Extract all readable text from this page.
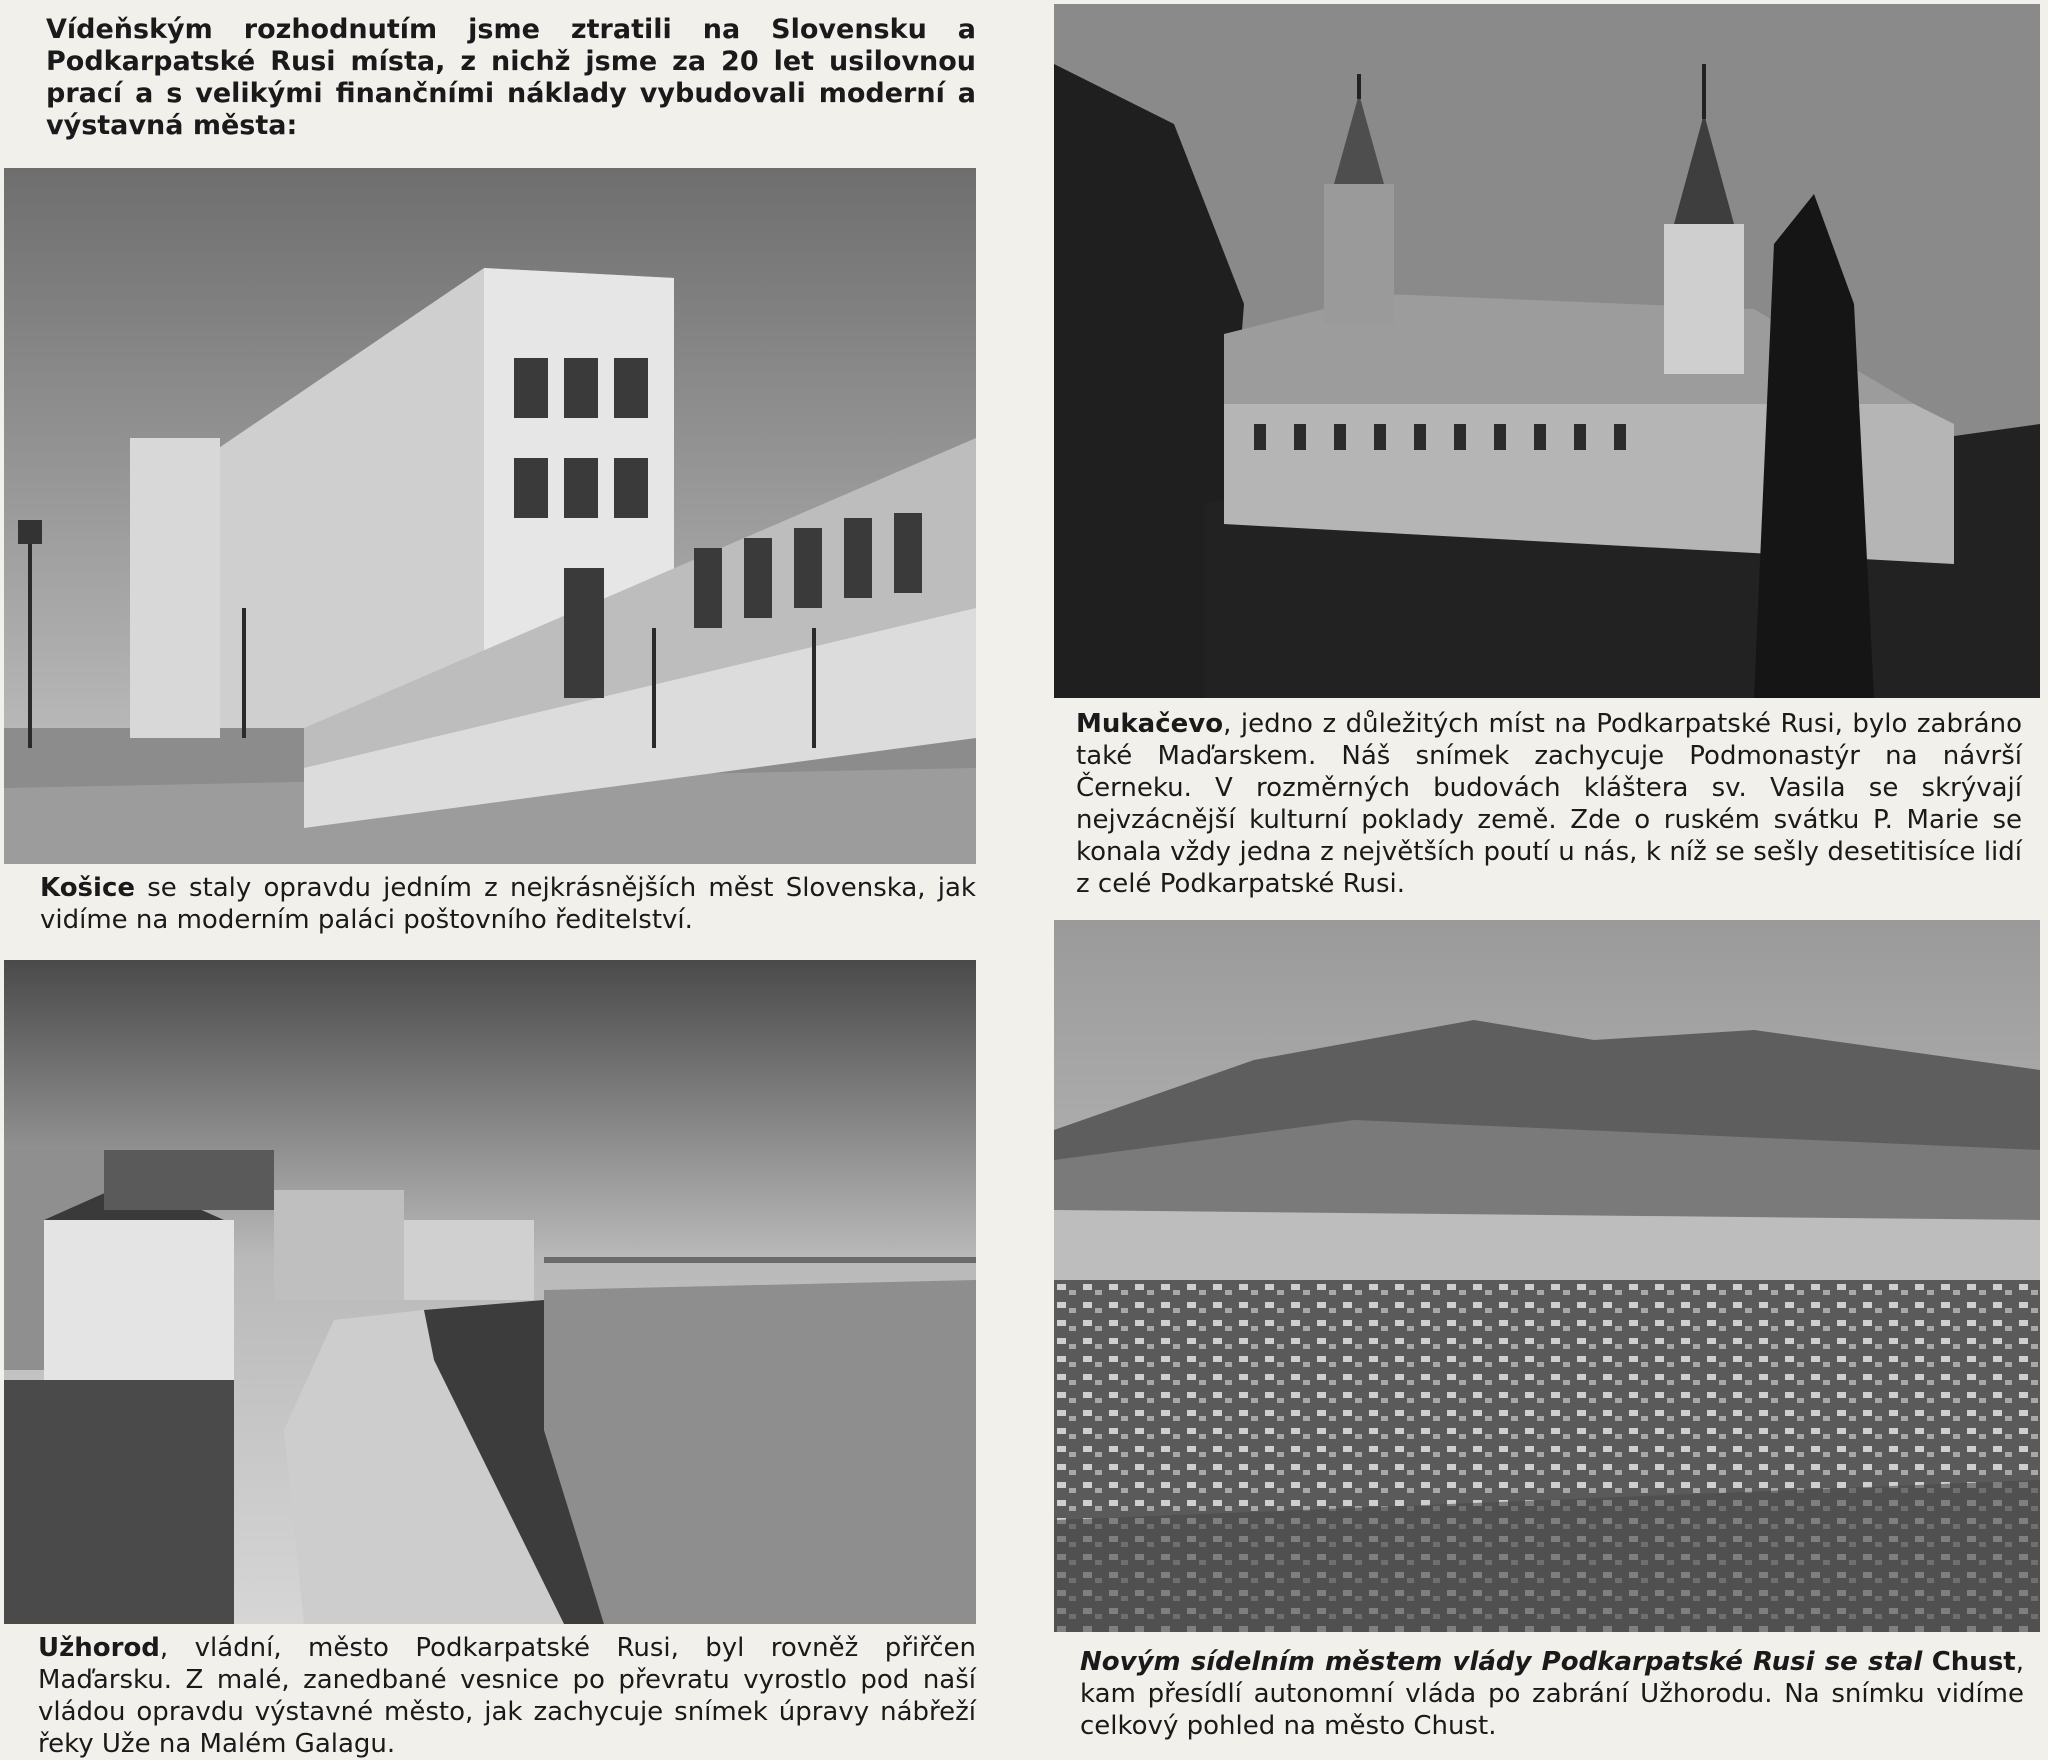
Vídeňským rozhodnutím jsme ztratili na Slovensku a Podkarpatské Rusi místa, z nichž jsme za 20 let usilovnou prací a s velikými finančními náklady vybudovali moderní a výstavná města:
Košice se staly opravdu jedním z nejkrásnějších měst Slovenska, jak vidíme na moderním paláci poštovního ředitelství.
Užhorod, vládní, město Podkarpatské Rusi, byl rovněž přiřčen Maďarsku. Z malé, zanedbané vesnice po převratu vyrostlo pod naší vládou opravdu výstavné město, jak zachycuje snímek úpravy nábřeží řeky Uže na Malém Galagu.
Mukačevo, jedno z důležitých míst na Podkarpatské Rusi, bylo zabráno také Maďarskem. Náš snímek zachycuje Podmonastýr na návrší Černeku. V rozměrných budovách kláštera sv. Vasila se skrývají nejvzácnější kulturní poklady země. Zde o ruském svátku P. Marie se konala vždy jedna z největších poutí u nás, k níž se sešly desetitisíce lidí z celé Podkarpatské Rusi.
Novým sídelním městem vlády Podkarpatské Rusi se stal Chust, kam přesídlí autonomní vláda po zabrání Užhorodu. Na snímku vidíme celkový pohled na město Chust.
